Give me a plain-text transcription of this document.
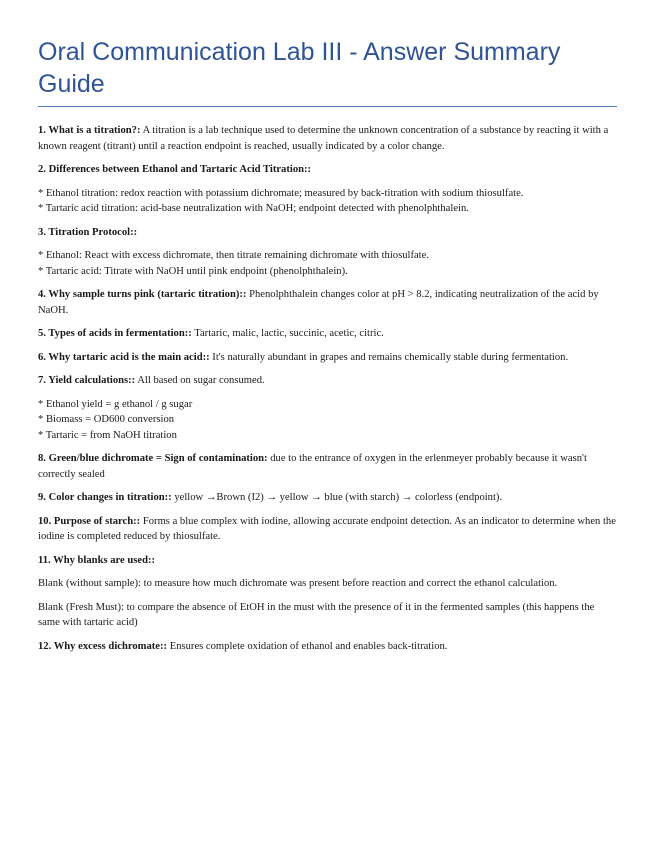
Oral Communication Lab III - Answer Summary Guide

1. What is a titration?: A titration is a lab technique used to determine the unknown concentration of a substance by reacting it with a known reagent (titrant) until a reaction endpoint is reached, usually indicated by a color change.

2. Differences between Ethanol and Tartaric Acid Titration::

* Ethanol titration: redox reaction with potassium dichromate; measured by back-titration with sodium thiosulfate.
* Tartaric acid titration: acid-base neutralization with NaOH; endpoint detected with phenolphthalein.

3. Titration Protocol::

* Ethanol: React with excess dichromate, then titrate remaining dichromate with thiosulfate.
* Tartaric acid: Titrate with NaOH until pink endpoint (phenolphthalein).

4. Why sample turns pink (tartaric titration):: Phenolphthalein changes color at pH > 8.2, indicating neutralization of the acid by NaOH.

5. Types of acids in fermentation:: Tartaric, malic, lactic, succinic, acetic, citric.

6. Why tartaric acid is the main acid:: It's naturally abundant in grapes and remains chemically stable during fermentation.

7. Yield calculations:: All based on sugar consumed.

* Ethanol yield = g ethanol / g sugar
* Biomass = OD600 conversion
* Tartaric = from NaOH titration

8. Green/blue dichromate = Sign of contamination: due to the entrance of oxygen in the erlenmeyer probably because it wasn't correctly sealed

9. Color changes in titration:: yellow →Brown (I2) → yellow → blue (with starch) → colorless (endpoint).

10. Purpose of starch:: Forms a blue complex with iodine, allowing accurate endpoint detection. As an indicator to determine when the iodine is completed reduced by thiosulfate.

11. Why blanks are used::

Blank (without sample): to measure how much dichromate was present before reaction and correct the ethanol calculation.

Blank (Fresh Must): to compare the absence of EtOH in the must with the presence of it in the fermented samples (this happens the same with tartaric acid)

12. Why excess dichromate:: Ensures complete oxidation of ethanol and enables back-titration.
